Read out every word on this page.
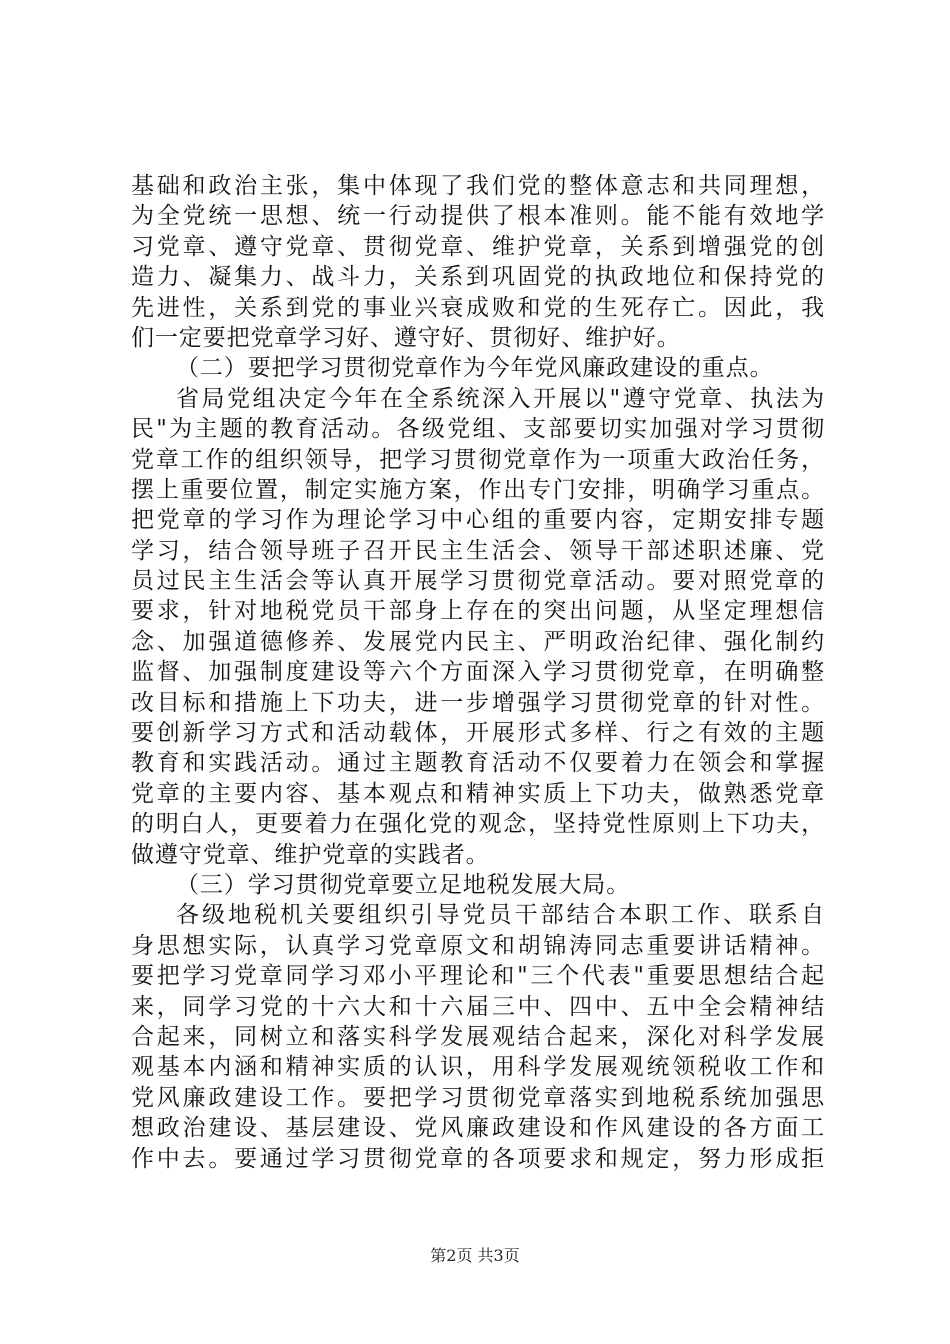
基础和政治主张，集中体现了我们党的整体意志和共同理想，
为全党统一思想、统一行动提供了根本准则。能不能有效地学
习党章、遵守党章、贯彻党章、维护党章，关系到增强党的创
造力、凝集力、战斗力，关系到巩固党的执政地位和保持党的
先进性，关系到党的事业兴衰成败和党的生死存亡。因此，我
们一定要把党章学习好、遵守好、贯彻好、维护好。
（二）要把学习贯彻党章作为今年党风廉政建设的重点。
省局党组决定今年在全系统深入开展以"遵守党章、执法为
民"为主题的教育活动。各级党组、支部要切实加强对学习贯彻
党章工作的组织领导，把学习贯彻党章作为一项重大政治任务，
摆上重要位置，制定实施方案，作出专门安排，明确学习重点。
把党章的学习作为理论学习中心组的重要内容，定期安排专题
学习，结合领导班子召开民主生活会、领导干部述职述廉、党
员过民主生活会等认真开展学习贯彻党章活动。要对照党章的
要求，针对地税党员干部身上存在的突出问题，从坚定理想信
念、加强道德修养、发展党内民主、严明政治纪律、强化制约
监督、加强制度建设等六个方面深入学习贯彻党章，在明确整
改目标和措施上下功夫，进一步增强学习贯彻党章的针对性。
要创新学习方式和活动载体，开展形式多样、行之有效的主题
教育和实践活动。通过主题教育活动不仅要着力在领会和掌握
党章的主要内容、基本观点和精神实质上下功夫，做熟悉党章
的明白人，更要着力在强化党的观念，坚持党性原则上下功夫，
做遵守党章、维护党章的实践者。
（三）学习贯彻党章要立足地税发展大局。
各级地税机关要组织引导党员干部结合本职工作、联系自
身思想实际，认真学习党章原文和胡锦涛同志重要讲话精神。
要把学习党章同学习邓小平理论和"三个代表"重要思想结合起
来，同学习党的十六大和十六届三中、四中、五中全会精神结
合起来，同树立和落实科学发展观结合起来，深化对科学发展
观基本内涵和精神实质的认识，用科学发展观统领税收工作和
党风廉政建设工作。要把学习贯彻党章落实到地税系统加强思
想政治建设、基层建设、党风廉政建设和作风建设的各方面工
作中去。要通过学习贯彻党章的各项要求和规定，努力形成拒
第2页 共3页
